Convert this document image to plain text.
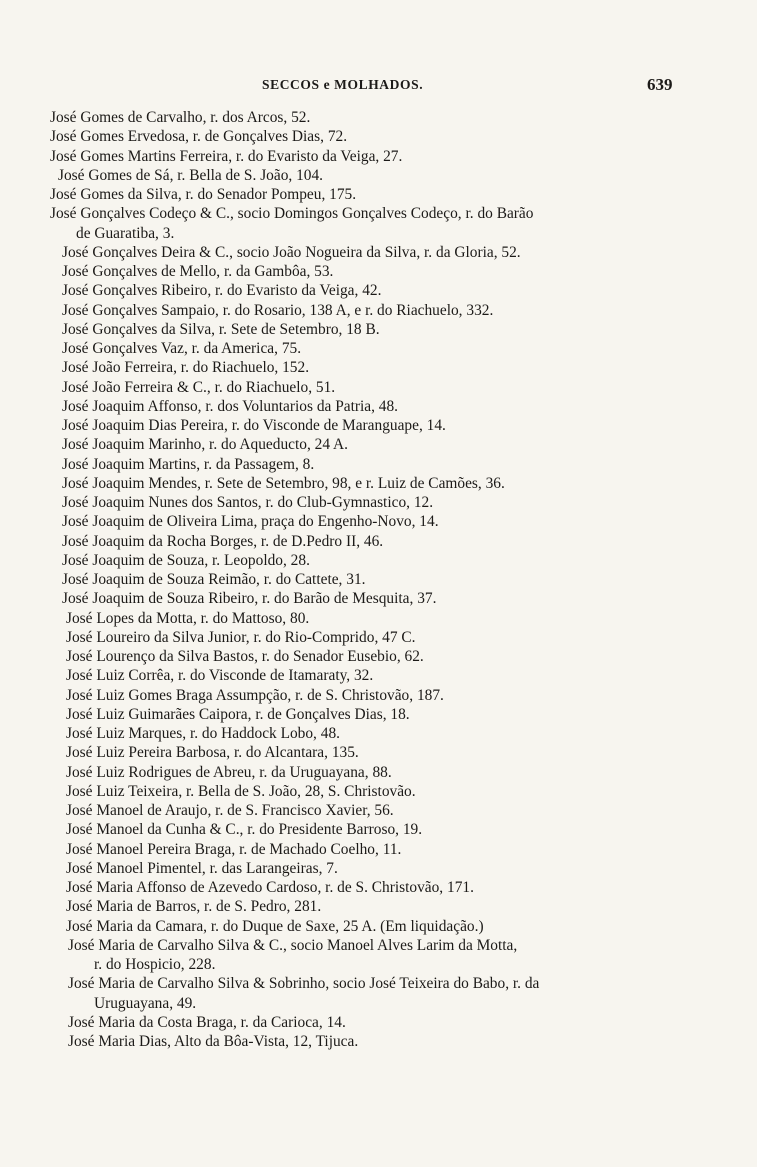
SECCOS e MOLHADOS.	639
José Gomes de Carvalho, r. dos Arcos, 52.
José Gomes Ervedosa, r. de Gonçalves Dias, 72.
José Gomes Martins Ferreira, r. do Evaristo da Veiga, 27.
José Gomes de Sá, r. Bella de S. João, 104.
José Gomes da Silva, r. do Senador Pompeu, 175.
José Gonçalves Codeço & C., socio Domingos Gonçalves Codeço, r. do Barão
de Guaratiba, 3.
José Gonçalves Deira & C., socio João Nogueira da Silva, r. da Gloria, 52.
José Gonçalves de Mello, r. da Gambôa, 53.
José Gonçalves Ribeiro, r. do Evaristo da Veiga, 42.
José Gonçalves Sampaio, r. do Rosario, 138 A, e r. do Riachuelo, 332.
José Gonçalves da Silva, r. Sete de Setembro, 18 B.
José Gonçalves Vaz, r. da America, 75.
José João Ferreira, r. do Riachuelo, 152.
José João Ferreira & C., r. do Riachuelo, 51.
José Joaquim Affonso, r. dos Voluntarios da Patria, 48.
José Joaquim Dias Pereira, r. do Visconde de Maranguape, 14.
José Joaquim Marinho, r. do Aqueducto, 24 A.
José Joaquim Martins, r. da Passagem, 8.
José Joaquim Mendes, r. Sete de Setembro, 98, e r. Luiz de Camões, 36.
José Joaquim Nunes dos Santos, r. do Club-Gymnastico, 12.
José Joaquim de Oliveira Lima, praça do Engenho-Novo, 14.
José Joaquim da Rocha Borges, r. de D.Pedro II, 46.
José Joaquim de Souza, r. Leopoldo, 28.
José Joaquim de Souza Reimão, r. do Cattete, 31.
José Joaquim de Souza Ribeiro, r. do Barão de Mesquita, 37.
José Lopes da Motta, r. do Mattoso, 80.
José Loureiro da Silva Junior, r. do Rio-Comprido, 47 C.
José Lourenço da Silva Bastos, r. do Senador Eusebio, 62.
José Luiz Corrêa, r. do Visconde de Itamaraty, 32.
José Luiz Gomes Braga Assumpção, r. de S. Christovão, 187.
José Luiz Guimarães Caipora, r. de Gonçalves Dias, 18.
José Luiz Marques, r. do Haddock Lobo, 48.
José Luiz Pereira Barbosa, r. do Alcantara, 135.
José Luiz Rodrigues de Abreu, r. da Uruguayana, 88.
José Luiz Teixeira, r. Bella de S. João, 28, S. Christovão.
José Manoel de Araujo, r. de S. Francisco Xavier, 56.
José Manoel da Cunha & C., r. do Presidente Barroso, 19.
José Manoel Pereira Braga, r. de Machado Coelho, 11.
José Manoel Pimentel, r. das Larangeiras, 7.
José Maria Affonso de Azevedo Cardoso, r. de S. Christovão, 171.
José Maria de Barros, r. de S. Pedro, 281.
José Maria da Camara, r. do Duque de Saxe, 25 A. (Em liquidação.)
José Maria de Carvalho Silva & C., socio Manoel Alves Larim da Motta,
r. do Hospicio, 228.
José Maria de Carvalho Silva & Sobrinho, socio José Teixeira do Babo, r. da
Uruguayana, 49.
José Maria da Costa Braga, r. da Carioca, 14.
José Maria Dias, Alto da Bôa-Vista, 12, Tijuca.
